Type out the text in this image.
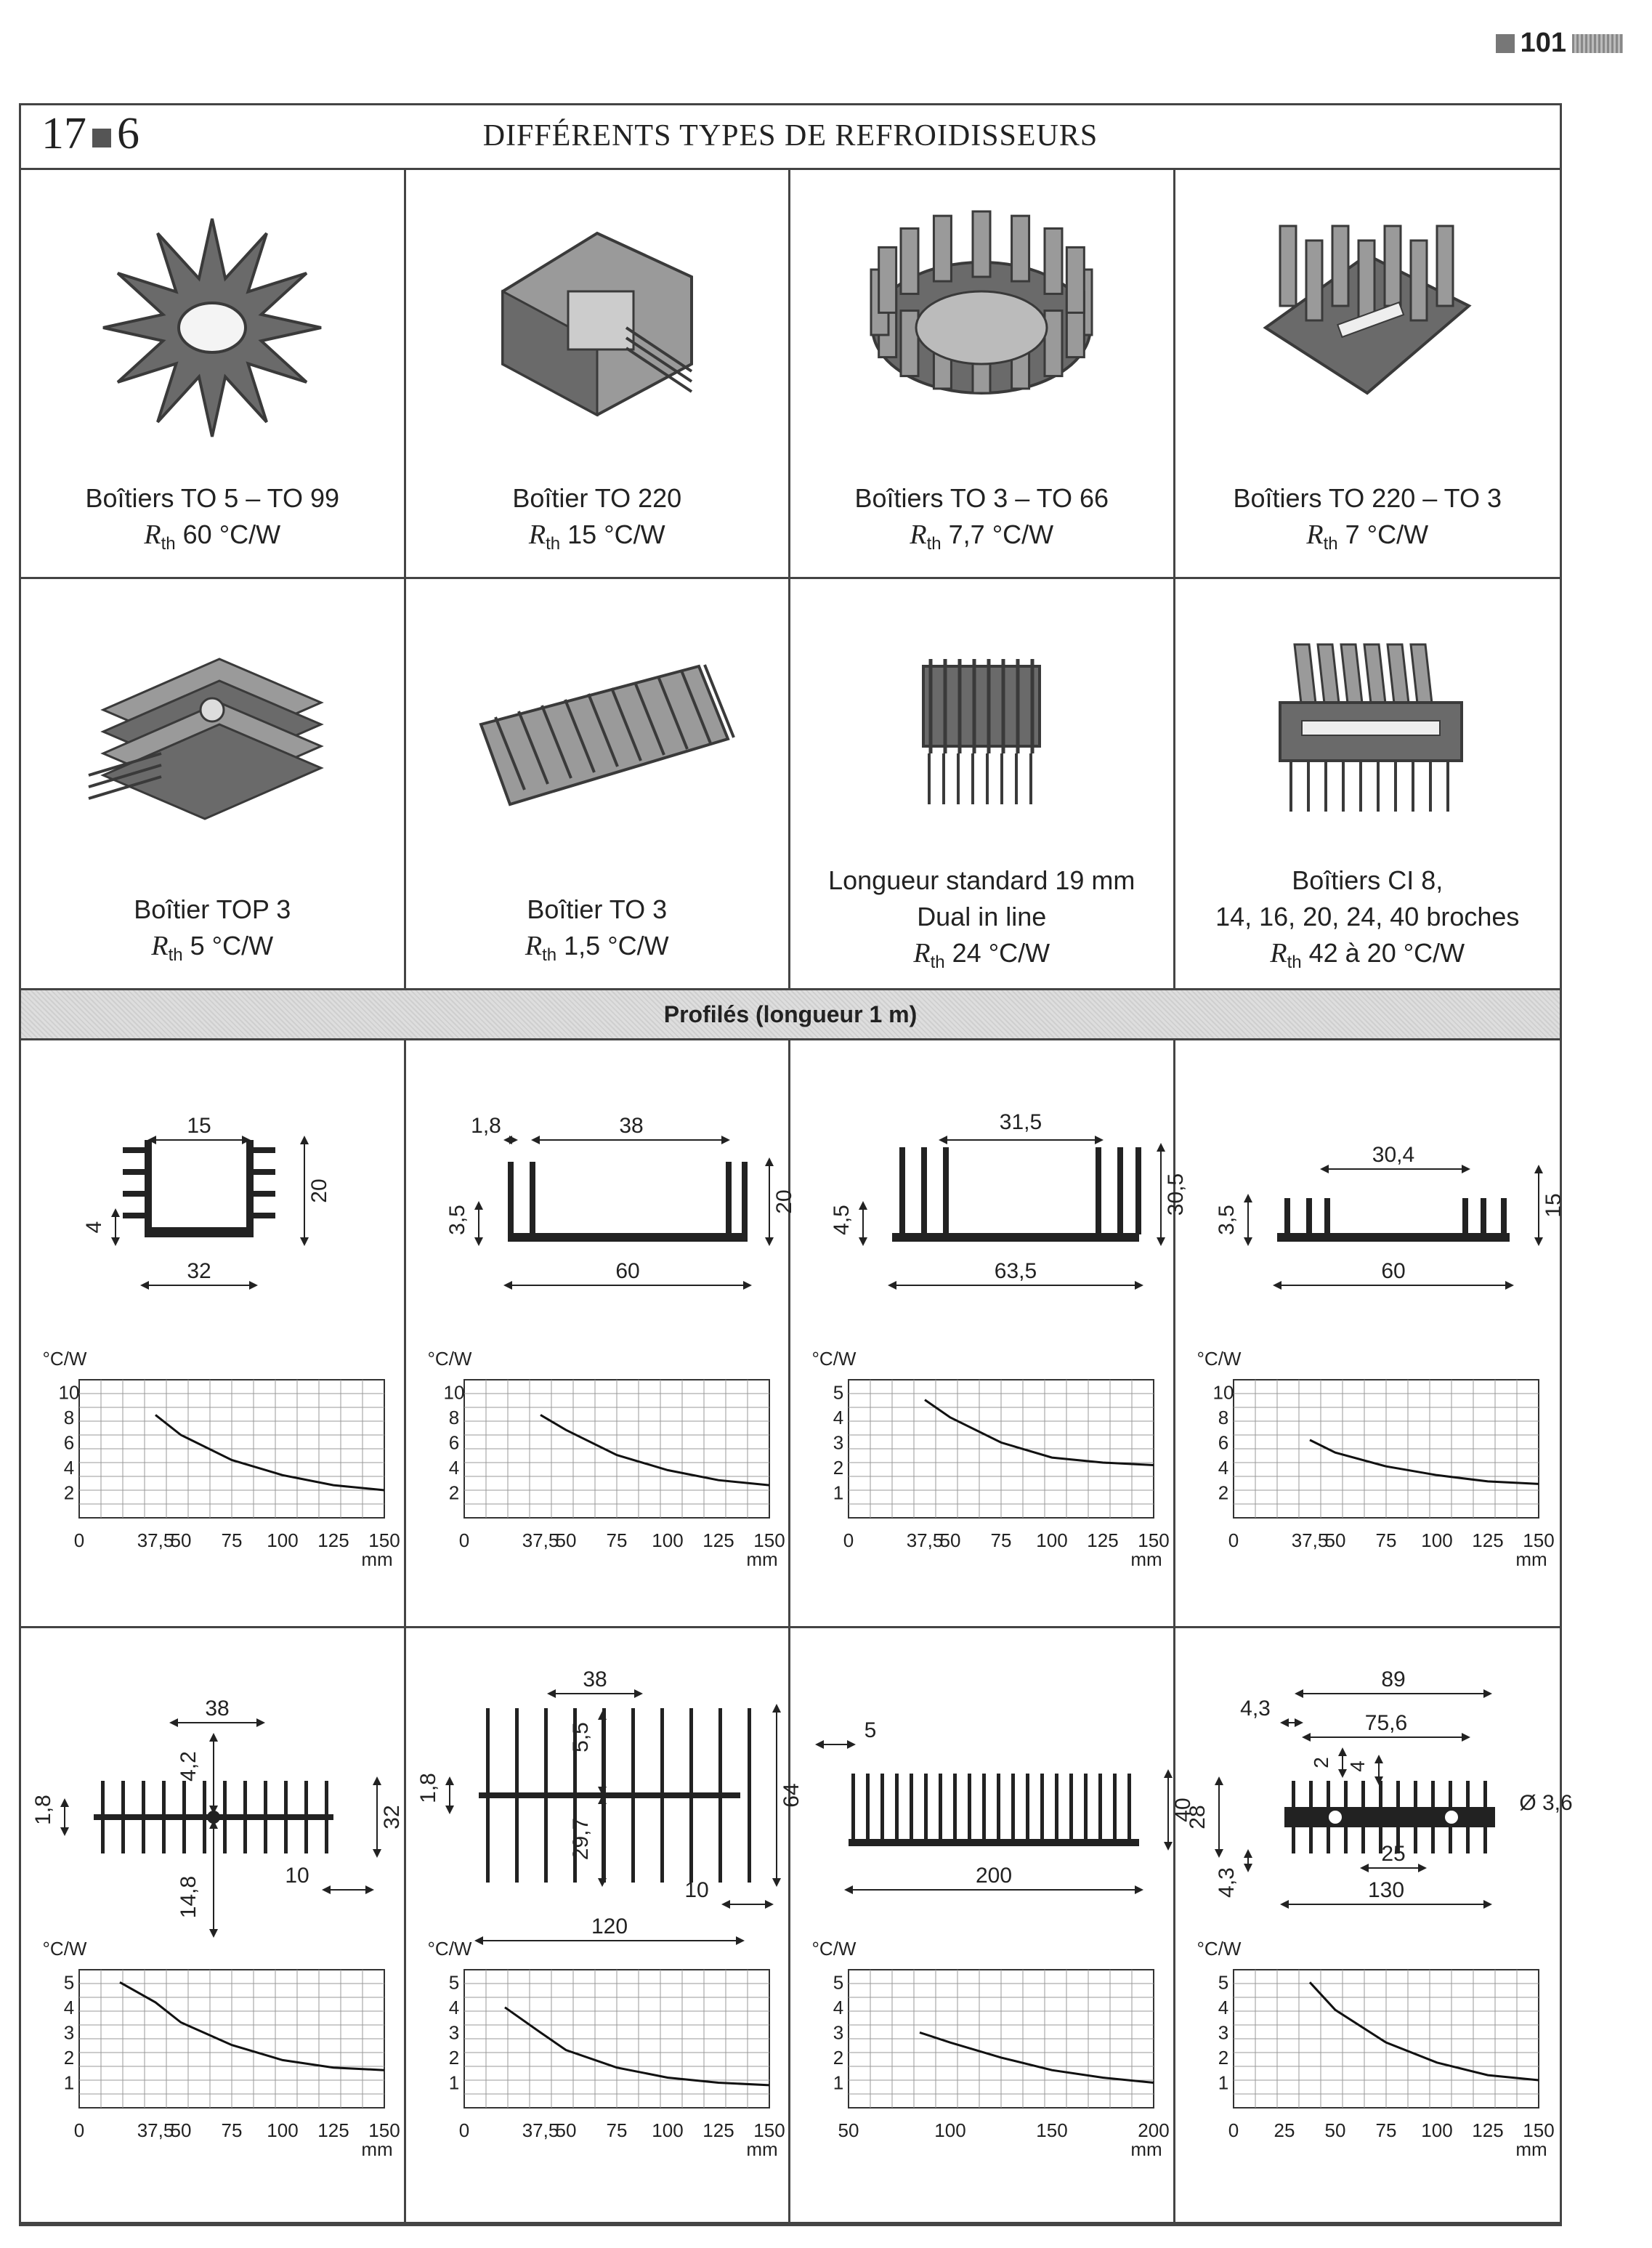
101
17 6	DIFFÉRENTS TYPES DE REFROIDISSEURS
Boîtiers TO 5 – TO 99
$R_{th}$ 60 °C/W
Boîtier TO 220
$R_{th}$ 15 °C/W
Boîtiers TO 3 – TO 66
$R_{th}$ 7,7 °C/W
Boîtiers TO 220 – TO 3
$R_{th}$ 7 °C/W
Boîtier TOP 3
$R_{th}$ 5 °C/W
Boîtier TO 3
$R_{th}$ 1,5 °C/W
Longueur standard 19 mm
Dual in line
$R_{th}$ 24 °C/W
Boîtiers CI 8,
14, 16, 20, 24, 40 broches
$R_{th}$ 42 à 20 °C/W
Profilés (longueur 1 m)
15
4
20
32
°C/W
10
8
6
4
2
0	37,5
50 75 100 125 150
mm
1,8	38
3,5
20
60
°C/W
10
8
6
4
2
0	37,5
50 75 100 125 150
mm
31,5
4,5
30,5
63,5
°C/W
5
4
3
2
1
0	37,5
50 75 100 125 150
mm
30,4
3,5	15
60
°C/W
10
8
6
4
2
0	37,5
50 75 100 125 150
mm
38
4,2
1,8	32
10
14,8
°C/W
5
4
3
2
1
0	37,5
50 75 100 125 150
mm
38
5,5
1,8
29,7
64
10
120
°C/W
5
4
3
2
1
0	37,5
50 75 100 125 150
mm
5
40
200
°C/W
5
4
3
2
1
50	100	150	200
mm
89
4,3
75,6
2 4
28
Ø 3,6
25
130
4,3
°C/W
5
4
3
2
1
0 25 50 75 100 125 150
mm
